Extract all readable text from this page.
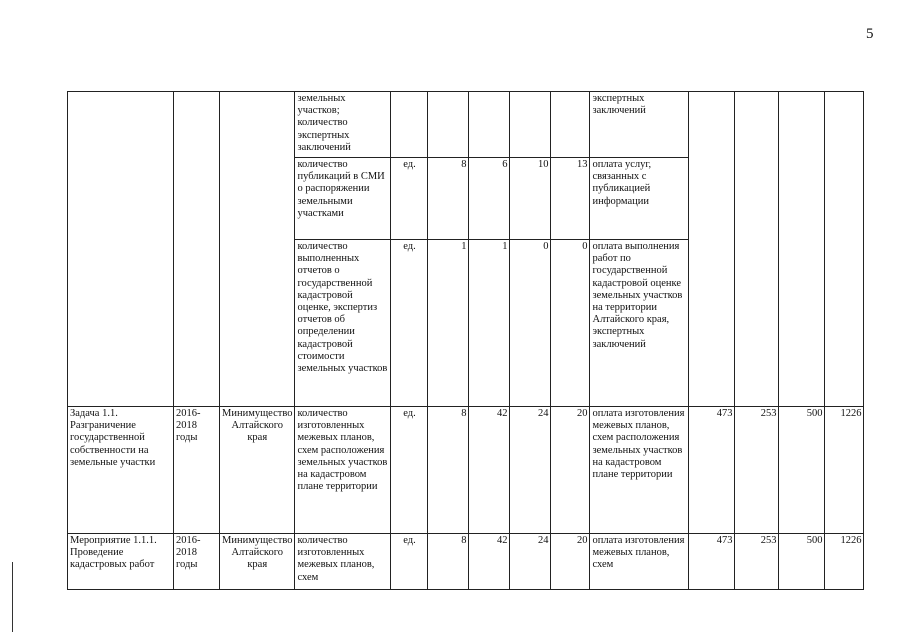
5
			земельных участков; количество экспертных заключений						экспертных заключений				
			количество публикаций в СМИ о распоряжении земельными участками	ед.	8	6	10	13	оплата услуг, связанных с публикацией информации				
			количество выполненных отчетов о государственной кадастровой оценке, экспертиз отчетов об определении кадастровой стоимости земельных участков	ед.	1	1	0	0	оплата выполнения работ по государственной кадастровой оценке земельных участков на территории Алтайского края, экспертных заключений				
Задача 1.1. Разграничение государственной собственности на земельные участки	2016-2018 годы	Минимущество Алтайского края	количество изготовленных межевых планов, схем расположения земельных участков на кадастровом плане территории	ед.	8	42	24	20	оплата изготовления межевых планов, схем расположения земельных участков на кадастровом плане территории	473	253	500	1226
Мероприятие 1.1.1. Проведение кадастровых работ	2016-2018 годы	Минимущество Алтайского края	количество изготовленных межевых планов, схем	ед.	8	42	24	20	оплата изготовления межевых планов, схем	473	253	500	1226
